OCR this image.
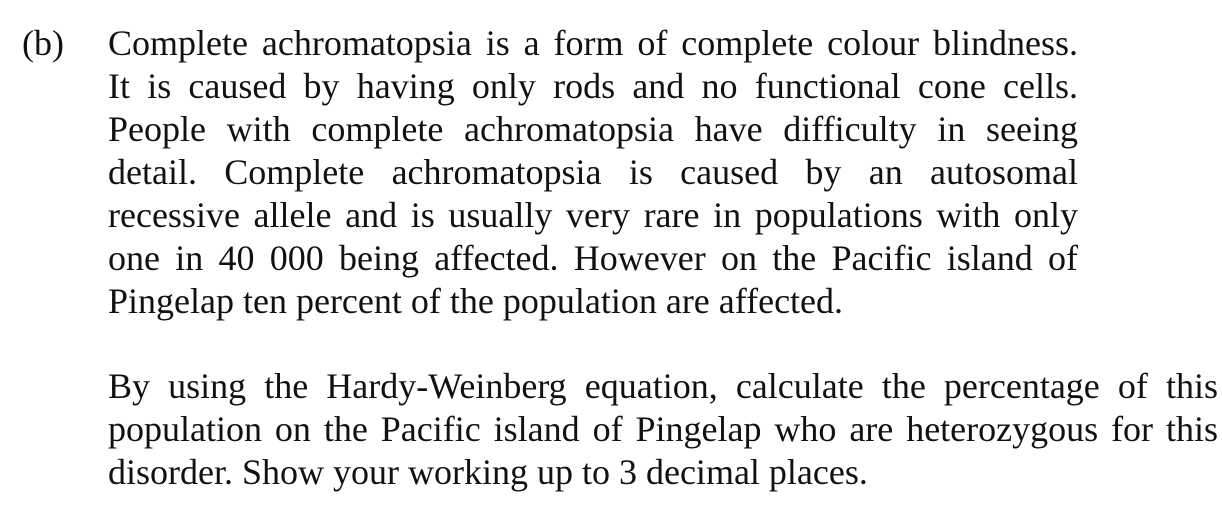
(b) Complete achromatopsia is a form of complete colour blindness.
It is caused by having only rods and no functional cone cells.
People with complete achromatopsia have difficulty in seeing
detail. Complete achromatopsia is caused by an autosomal
recessive allele and is usually very rare in populations with only
one in 40 000 being affected. However on the Pacific island of
Pingelap ten percent of the population are affected.
By using the Hardy-Weinberg equation, calculate the percentage of this
population on the Pacific island of Pingelap who are heterozygous for this
disorder. Show your working up to 3 decimal places.
